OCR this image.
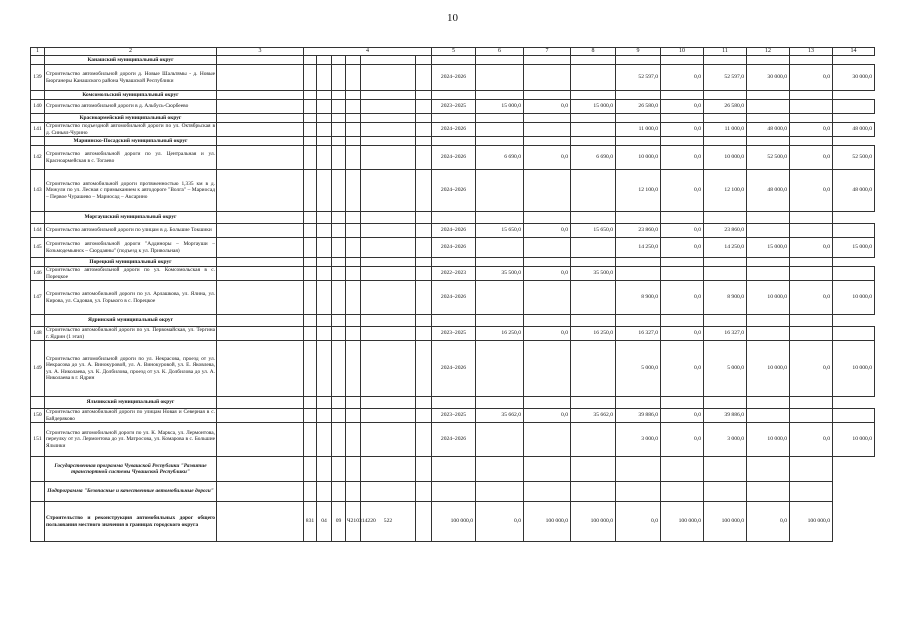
10
1	2	3	4						5	6	7	8	9	10	11	12	13	14
	Канашский муниципальный округ																	
139	Строительство автомобильной дороги д. Новые Шальтямы - д. Новые Бюрганеры Канашского района Чувашской Республики								2024–2026				52 597,0	0,0	52 597,0	30 000,0	0,0	30 000,0
	Комсомольский муниципальный округ																	
140	Строительство автомобильной дороги в д. Альбусь-Сюрбеево								2023–2025	15 000,0	0,0	15 000,0	26 580,0	0,0	26 580,0			
	Красноармейский муниципальный округ																	
141	Строительство подъездной автомобильной дороги по ул. Октябрьская в д. Синьял-Чурино								2024–2026				11 000,0	0,0	11 000,0	48 000,0	0,0	48 000,0
	Мариинско-Посадский муниципальный округ																	
142	Строительство автомобильной дороги по ул. Центральная и ул. Красноармейская в с. Тогаево								2024–2026	6 690,0	0,0	6 690,0	10 000,0	0,0	10 000,0	52 500,0	0,0	52 500,0
143	Строительство автомобильной дороги протяженностью 1,335 км в д. Мижули по ул. Лесная с примыканием к автодороге "Волга" – Мариосад – Первое Чурашево – Мариосад – Аксарино								2024–2026				12 100,0	0,0	12 100,0	48 000,0	0,0	48 000,0
	Моргаушский муниципальный округ																	
144	Строительство автомобильной дороги по улицам в д. Большие Токшики								2024–2026	15 650,0	0,0	15 650,0	23 860,0	0,0	23 860,0			
145	Строительство автомобильной дороги "Аддиноры – Моргауши – Козьмодемьянск – Сюрдаяны" (подъезд к ул. Привольная)								2024–2026				14 250,0	0,0	14 250,0	15 000,0	0,0	15 000,0
	Порецкий муниципальный округ																	
146	Строительство автомобильной дороги по ул. Комсомольская в с. Порецкое								2022–2023	35 500,0	0,0	35 500,0						
147	Строительство автомобильной дороги по ул. Арлашкова, ул. Ялина, ул. Кирова, ул. Садовая, ул. Горького в с. Порецкое								2024–2026				8 900,0	0,0	8 900,0	10 000,0	0,0	10 000,0
	Ядринский муниципальный округ																	
148	Строительство автомобильной дороги по ул. Первомайская, ул. Тергина г. Ядрин (1 этап)								2023–2025	16 250,0	0,0	16 250,0	16 327,0	0,0	16 327,0			
149	Строительство автомобильной дороги по ул. Некрасова, проезд от ул. Некрасова до ул. А. Винокуровой, ул. А. Винокуровой, ул. Е. Яковлева, ул. А. Николаева, ул. К. Долбилова, проезд от ул. К. Долбилова до ул. А. Николаева в г. Ядрин								2024–2026				5 000,0	0,0	5 000,0	10 000,0	0,0	10 000,0
	Яльчикский муниципальный округ																	
150	Строительство автомобильной дороги по улицам Новая и Северная в с. Байдеряково								2023–2025	35 662,0	0,0	35 662,0	39 886,0	0,0	39 886,0			
151	Строительство автомобильной дороги по ул. К. Маркса, ул. Лермонтова, переулку от ул. Лермонтова до ул. Матросова, ул. Комарова в с. Большие Яльчики								2024–2026				3 000,0	0,0	3 000,0	10 000,0	0,0	10 000,0
	Государственная программа Чувашской Республики "Развитие транспортной системы Чувашской Республики"																	
	Подпрограмма "Безопасные и качественные автомобильные дороги"																	
	Строительство и реконструкция автомобильных дорог общего пользования местного значения в границах городского округа		831	04	09	Ч210314220	522		100 000,0	0,0	100 000,0	100 000,0	0,0	100 000,0	100 000,0	0,0	100 000,0	
